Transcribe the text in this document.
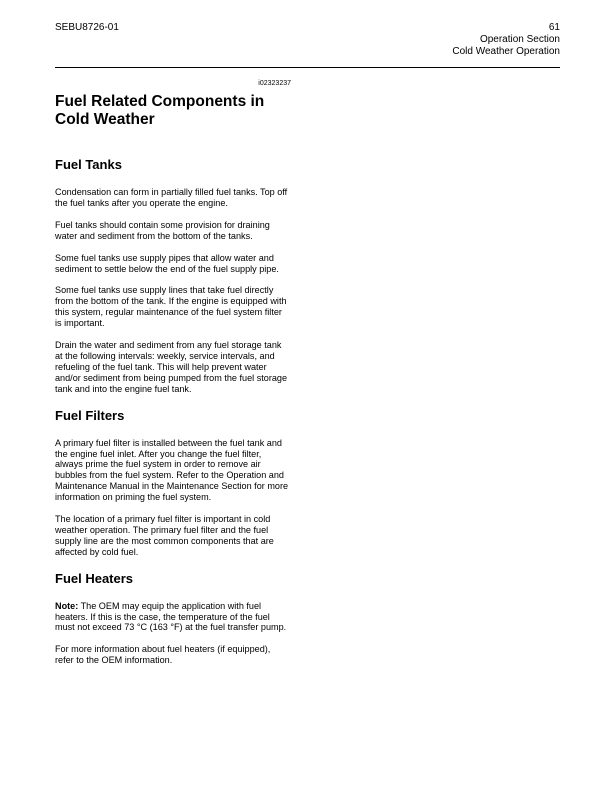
SEBU8726-01	61
Operation Section
Cold Weather Operation
i02323237
Fuel Related Components in
Cold Weather
Fuel Tanks

Condensation can form in partially filled fuel tanks. Top off the fuel tanks after you operate the engine.

Fuel tanks should contain some provision for draining water and sediment from the bottom of the tanks.

Some fuel tanks use supply pipes that allow water and sediment to settle below the end of the fuel supply pipe.

Some fuel tanks use supply lines that take fuel directly from the bottom of the tank. If the engine is equipped with this system, regular maintenance of the fuel system filter is important.

Drain the water and sediment from any fuel storage tank at the following intervals: weekly, service intervals, and refueling of the fuel tank. This will help prevent water and/or sediment from being pumped from the fuel storage tank and into the engine fuel tank.

Fuel Filters

A primary fuel filter is installed between the fuel tank and the engine fuel inlet. After you change the fuel filter, always prime the fuel system in order to remove air bubbles from the fuel system. Refer to the Operation and Maintenance Manual in the Maintenance Section for more information on priming the fuel system.

The location of a primary fuel filter is important in cold weather operation. The primary fuel filter and the fuel supply line are the most common components that are affected by cold fuel.

Fuel Heaters

Note: The OEM may equip the application with fuel heaters. If this is the case, the temperature of the fuel must not exceed 73 °C (163 °F) at the fuel transfer pump.

For more information about fuel heaters (if equipped), refer to the OEM information.
